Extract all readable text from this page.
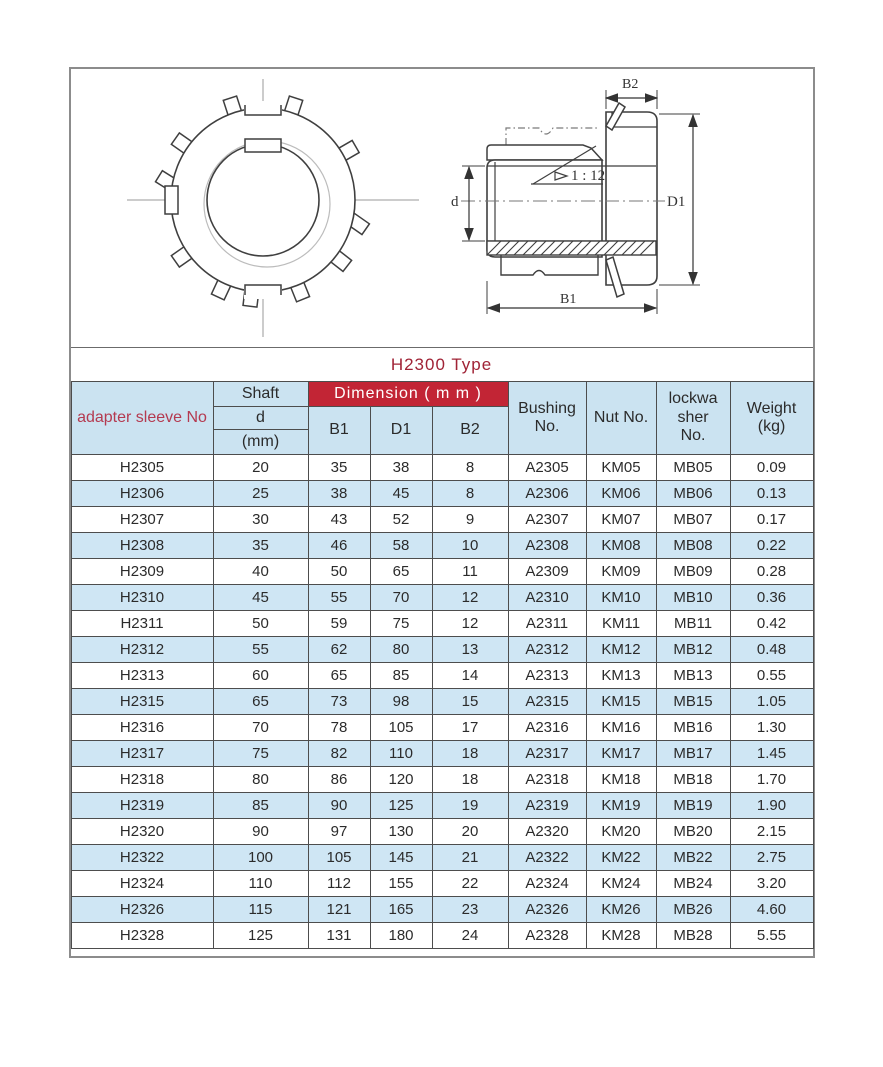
1 : 12
B2
D1
d
B1
H2300 Type
adapter sleeve No	Shaft	Dimension ( m m )			Bushing No.	Nut No.	lockwa sher No.	Weight (kg)
	d	B1	D1	B2				
	(mm)							
H2305	20	35	38	8	A2305	KM05	MB05	0.09
H2306	25	38	45	8	A2306	KM06	MB06	0.13
H2307	30	43	52	9	A2307	KM07	MB07	0.17
H2308	35	46	58	10	A2308	KM08	MB08	0.22
H2309	40	50	65	11	A2309	KM09	MB09	0.28
H2310	45	55	70	12	A2310	KM10	MB10	0.36
H2311	50	59	75	12	A2311	KM11	MB11	0.42
H2312	55	62	80	13	A2312	KM12	MB12	0.48
H2313	60	65	85	14	A2313	KM13	MB13	0.55
H2315	65	73	98	15	A2315	KM15	MB15	1.05
H2316	70	78	105	17	A2316	KM16	MB16	1.30
H2317	75	82	110	18	A2317	KM17	MB17	1.45
H2318	80	86	120	18	A2318	KM18	MB18	1.70
H2319	85	90	125	19	A2319	KM19	MB19	1.90
H2320	90	97	130	20	A2320	KM20	MB20	2.15
H2322	100	105	145	21	A2322	KM22	MB22	2.75
H2324	110	112	155	22	A2324	KM24	MB24	3.20
H2326	115	121	165	23	A2326	KM26	MB26	4.60
H2328	125	131	180	24	A2328	KM28	MB28	5.55
